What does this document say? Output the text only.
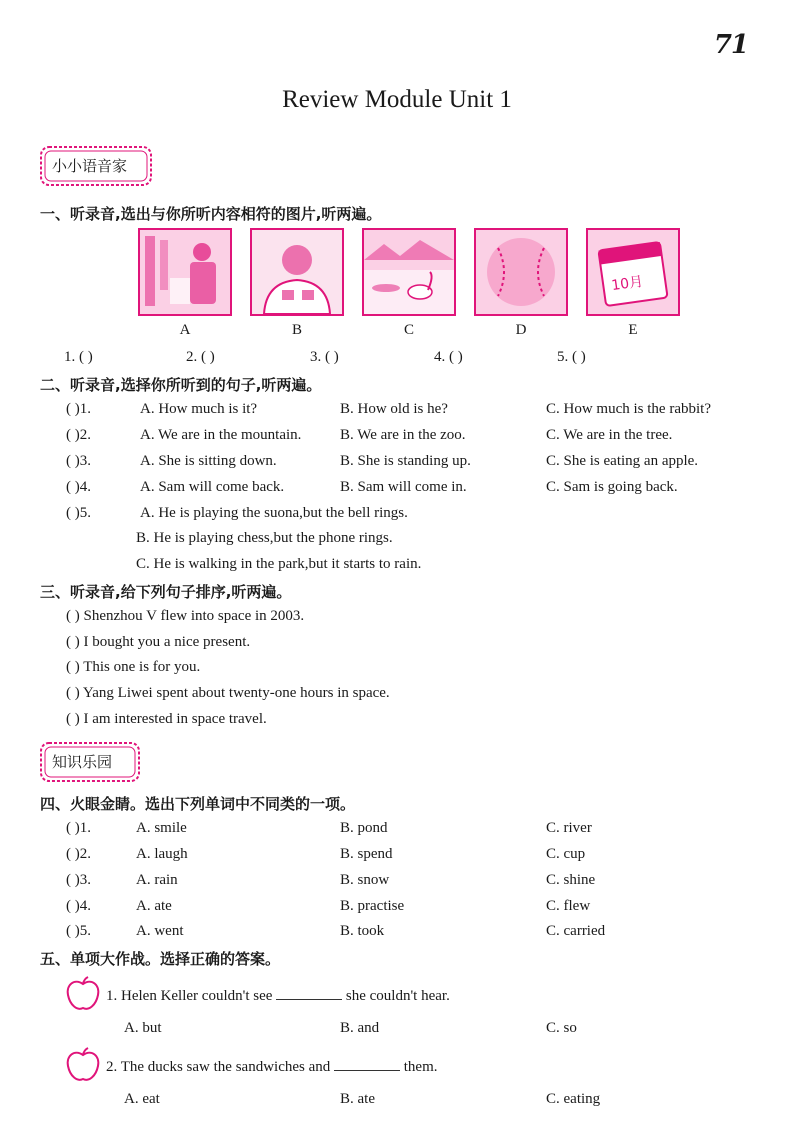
71
Review Module Unit 1
小小语音家
一、听录音,选出与你所听内容相符的图片,听两遍。
10月
A	B	C	D	E
1. ( )	2. ( )	3. ( )	4. ( )	5. ( )
二、听录音,选择你所听到的句子,听两遍。
( )1.	A. How much is it?	B. How old is he?	C. How much is the rabbit?
( )2.	A. We are in the mountain.	B. We are in the zoo.	C. We are in the tree.
( )3.	A. She is sitting down.	B. She is standing up.	C. She is eating an apple.
( )4.	A. Sam will come back.	B. Sam will come in.	C. Sam is going back.
( )5.	A. He is playing the suona,but the bell rings.
B. He is playing chess,but the phone rings.
C. He is walking in the park,but it starts to rain.
三、听录音,给下列句子排序,听两遍。
( ) Shenzhou V flew into space in 2003.
( ) I bought you a nice present.
( ) This one is for you.
( ) Yang Liwei spent about twenty-one hours in space.
( ) I am interested in space travel.
知识乐园
四、火眼金睛。选出下列单词中不同类的一项。
( )1.	A. smile	B. pond	C. river
( )2.	A. laugh	B. spend	C. cup
( )3.	A. rain	B. snow	C. shine
( )4.	A. ate	B. practise	C. flew
( )5.	A. went	B. took	C. carried
五、单项大作战。选择正确的答案。
1. Helen Keller couldn't see	she couldn't hear.
A. but	B. and	C. so
2. The ducks saw the sandwiches and	them.
A. eat	B. ate	C. eating
